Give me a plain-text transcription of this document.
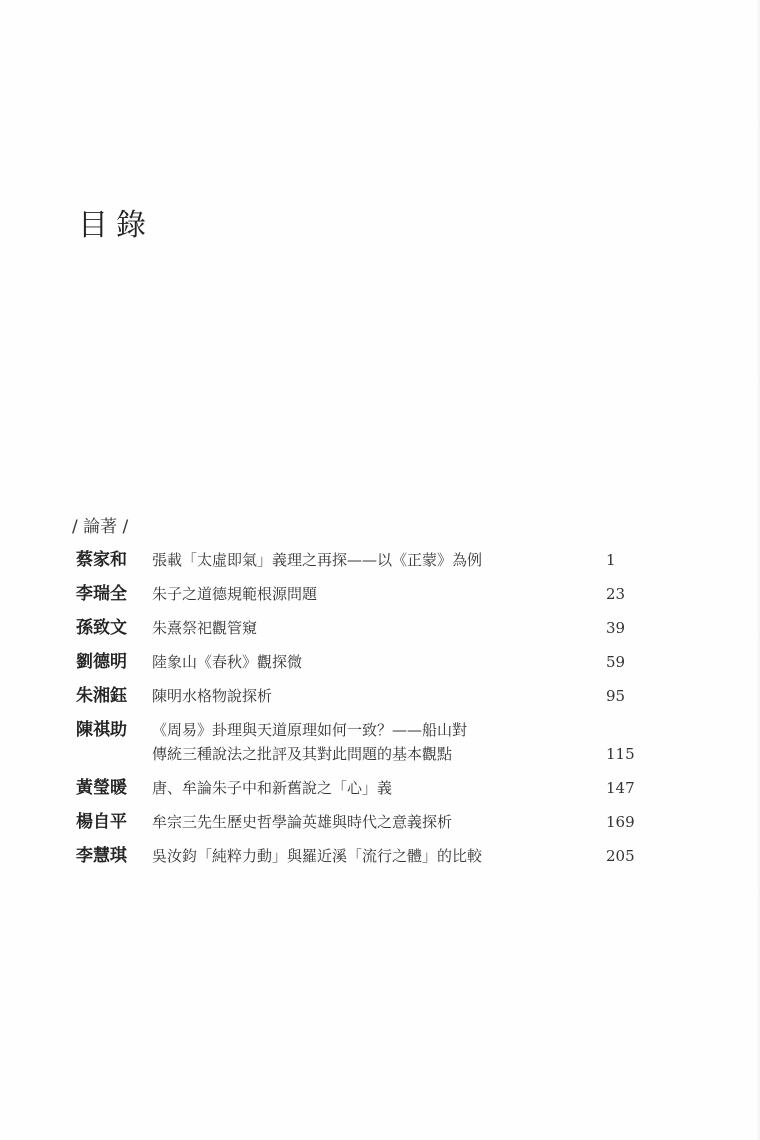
目錄
/ 論著 /
蔡家和	張載「太虛即氣」義理之再探——以《正蒙》為例	1
李瑞全	朱子之道德規範根源問題	23
孫致文	朱熹祭祀觀管窺	39
劉德明	陸象山《春秋》觀探微	59
朱湘鈺	陳明水格物說探析	95
陳祺助	《周易》卦理與天道原理如何一致？——船山對
傳統三種說法之批評及其對此問題的基本觀點	115
黃瑩暖	唐、牟論朱子中和新舊說之「心」義	147
楊自平	牟宗三先生歷史哲學論英雄與時代之意義探析	169
李慧琪	吳汝鈞「純粹力動」與羅近溪「流行之體」的比較	205
